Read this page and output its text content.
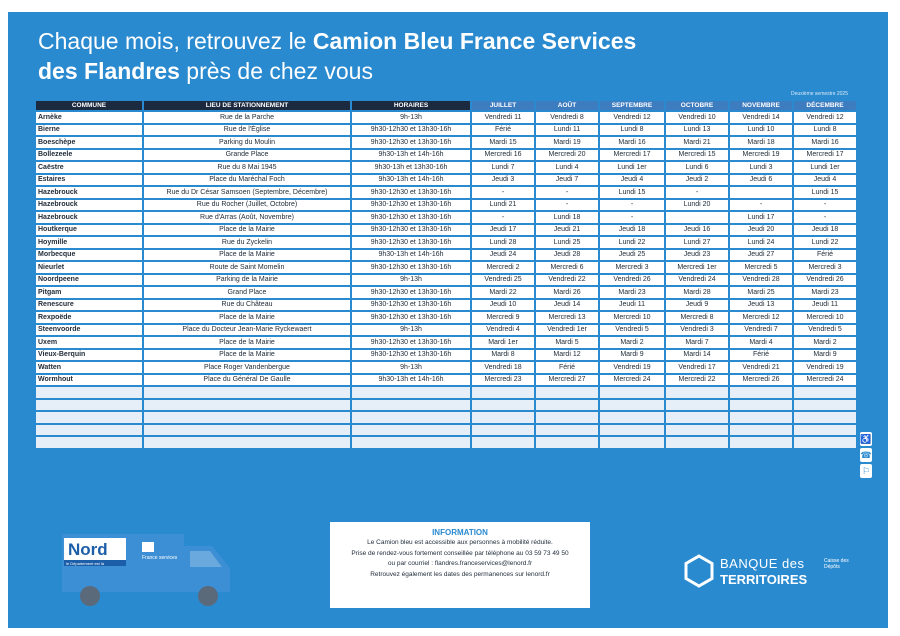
Chaque mois, retrouvez le Camion Bleu France Services
des Flandres près de chez vous
Deuxième semestre 2025
COMMUNE	LIEU DE STATIONNEMENT	HORAIRES	JUILLET	AOÛT	SEPTEMBRE	OCTOBRE	NOVEMBRE	DÉCEMBRE
Arnèke	Rue de la Parche	9h-13h	Vendredi 11	Vendredi 8	Vendredi 12	Vendredi 10	Vendredi 14	Vendredi 12
Bierne	Rue de l'Église	9h30-12h30 et 13h30-16h	Férié	Lundi 11	Lundi 8	Lundi 13	Lundi 10	Lundi 8
Boeschèpe	Parking du Moulin	9h30-12h30 et 13h30-16h	Mardi 15	Mardi 19	Mardi 16	Mardi 21	Mardi 18	Mardi 16
Bollezeele	Grande Place	9h30-13h et 14h-16h	Mercredi 16	Mercredi 20	Mercredi 17	Mercredi 15	Mercredi 19	Mercredi 17
Caëstre	Rue du 8 Mai 1945	9h30-13h et 13h30-16h	Lundi 7	Lundi 4	Lundi 1er	Lundi 6	Lundi 3	Lundi 1er
Estaires	Place du Maréchal Foch	9h30-13h et 14h-16h	Jeudi 3	Jeudi 7	Jeudi 4	Jeudi 2	Jeudi 6	Jeudi 4
Hazebrouck	Rue du Dr César Samsoen (Septembre, Décembre)	9h30-12h30 et 13h30-16h	-	-	Lundi 15	-		Lundi 15
Hazebrouck	Rue du Rocher (Juillet, Octobre)	9h30-12h30 et 13h30-16h	Lundi 21	-	-	Lundi 20	-	-
Hazebrouck	Rue d'Arras (Août, Novembre)	9h30-12h30 et 13h30-16h	-	Lundi 18	-		Lundi 17	-
Houtkerque	Place de la Mairie	9h30-12h30 et 13h30-16h	Jeudi 17	Jeudi 21	Jeudi 18	Jeudi 16	Jeudi 20	Jeudi 18
Hoymille	Rue du Zyckelin	9h30-12h30 et 13h30-16h	Lundi 28	Lundi 25	Lundi 22	Lundi 27	Lundi 24	Lundi 22
Morbecque	Place de la Mairie	9h30-13h et 14h-16h	Jeudi 24	Jeudi 28	Jeudi 25	Jeudi 23	Jeudi 27	Férié
Nieurlet	Route de Saint Momelin	9h30-12h30 et 13h30-16h	Mercredi 2	Mercredi 6	Mercredi 3	Mercredi 1er	Mercredi 5	Mercredi 3
Noordpeene	Parking de la Mairie	9h-13h	Vendredi 25	Vendredi 22	Vendredi 26	Vendredi 24	Vendredi 28	Vendredi 26
Pitgam	Grand Place	9h30-12h30 et 13h30-16h	Mardi 22	Mardi 26	Mardi 23	Mardi 28	Mardi 25	Mardi 23
Renescure	Rue du Château	9h30-12h30 et 13h30-16h	Jeudi 10	Jeudi 14	Jeudi 11	Jeudi 9	Jeudi 13	Jeudi 11
Rexpoëde	Place de la Mairie	9h30-12h30 et 13h30-16h	Mercredi 9	Mercredi 13	Mercredi 10	Mercredi 8	Mercredi 12	Mercredi 10
Steenvoorde	Place du Docteur Jean-Marie Ryckewaert	9h-13h	Vendredi 4	Vendredi 1er	Vendredi 5	Vendredi 3	Vendredi 7	Vendredi 5
Uxem	Place de la Mairie	9h30-12h30 et 13h30-16h	Mardi 1er	Mardi 5	Mardi 2	Mardi 7	Mardi 4	Mardi 2
Vieux-Berquin	Place de la Mairie	9h30-12h30 et 13h30-16h	Mardi 8	Mardi 12	Mardi 9	Mardi 14	Férié	Mardi 9
Watten	Place Roger Vandenbergue	9h-13h	Vendredi 18	Férié	Vendredi 19	Vendredi 17	Vendredi 21	Vendredi 19
Wormhout	Place du Général De Gaulle	9h30-13h et 14h-16h	Mercredi 23	Mercredi 27	Mercredi 24	Mercredi 22	Mercredi 26	Mercredi 24

♿
☎
⚐
Nord
le Département est là
France services
INFORMATION

Le Camion bleu est accessible aux personnes à mobilité réduite.

Prise de rendez-vous fortement conseillée par téléphone au 03 59 73 49 50

ou par courriel : flandres.franceservices@lenord.fr

Retrouvez également les dates des permanences sur lenord.fr

BANQUE des
TERRITOIRES
Caisse des Dépôts
